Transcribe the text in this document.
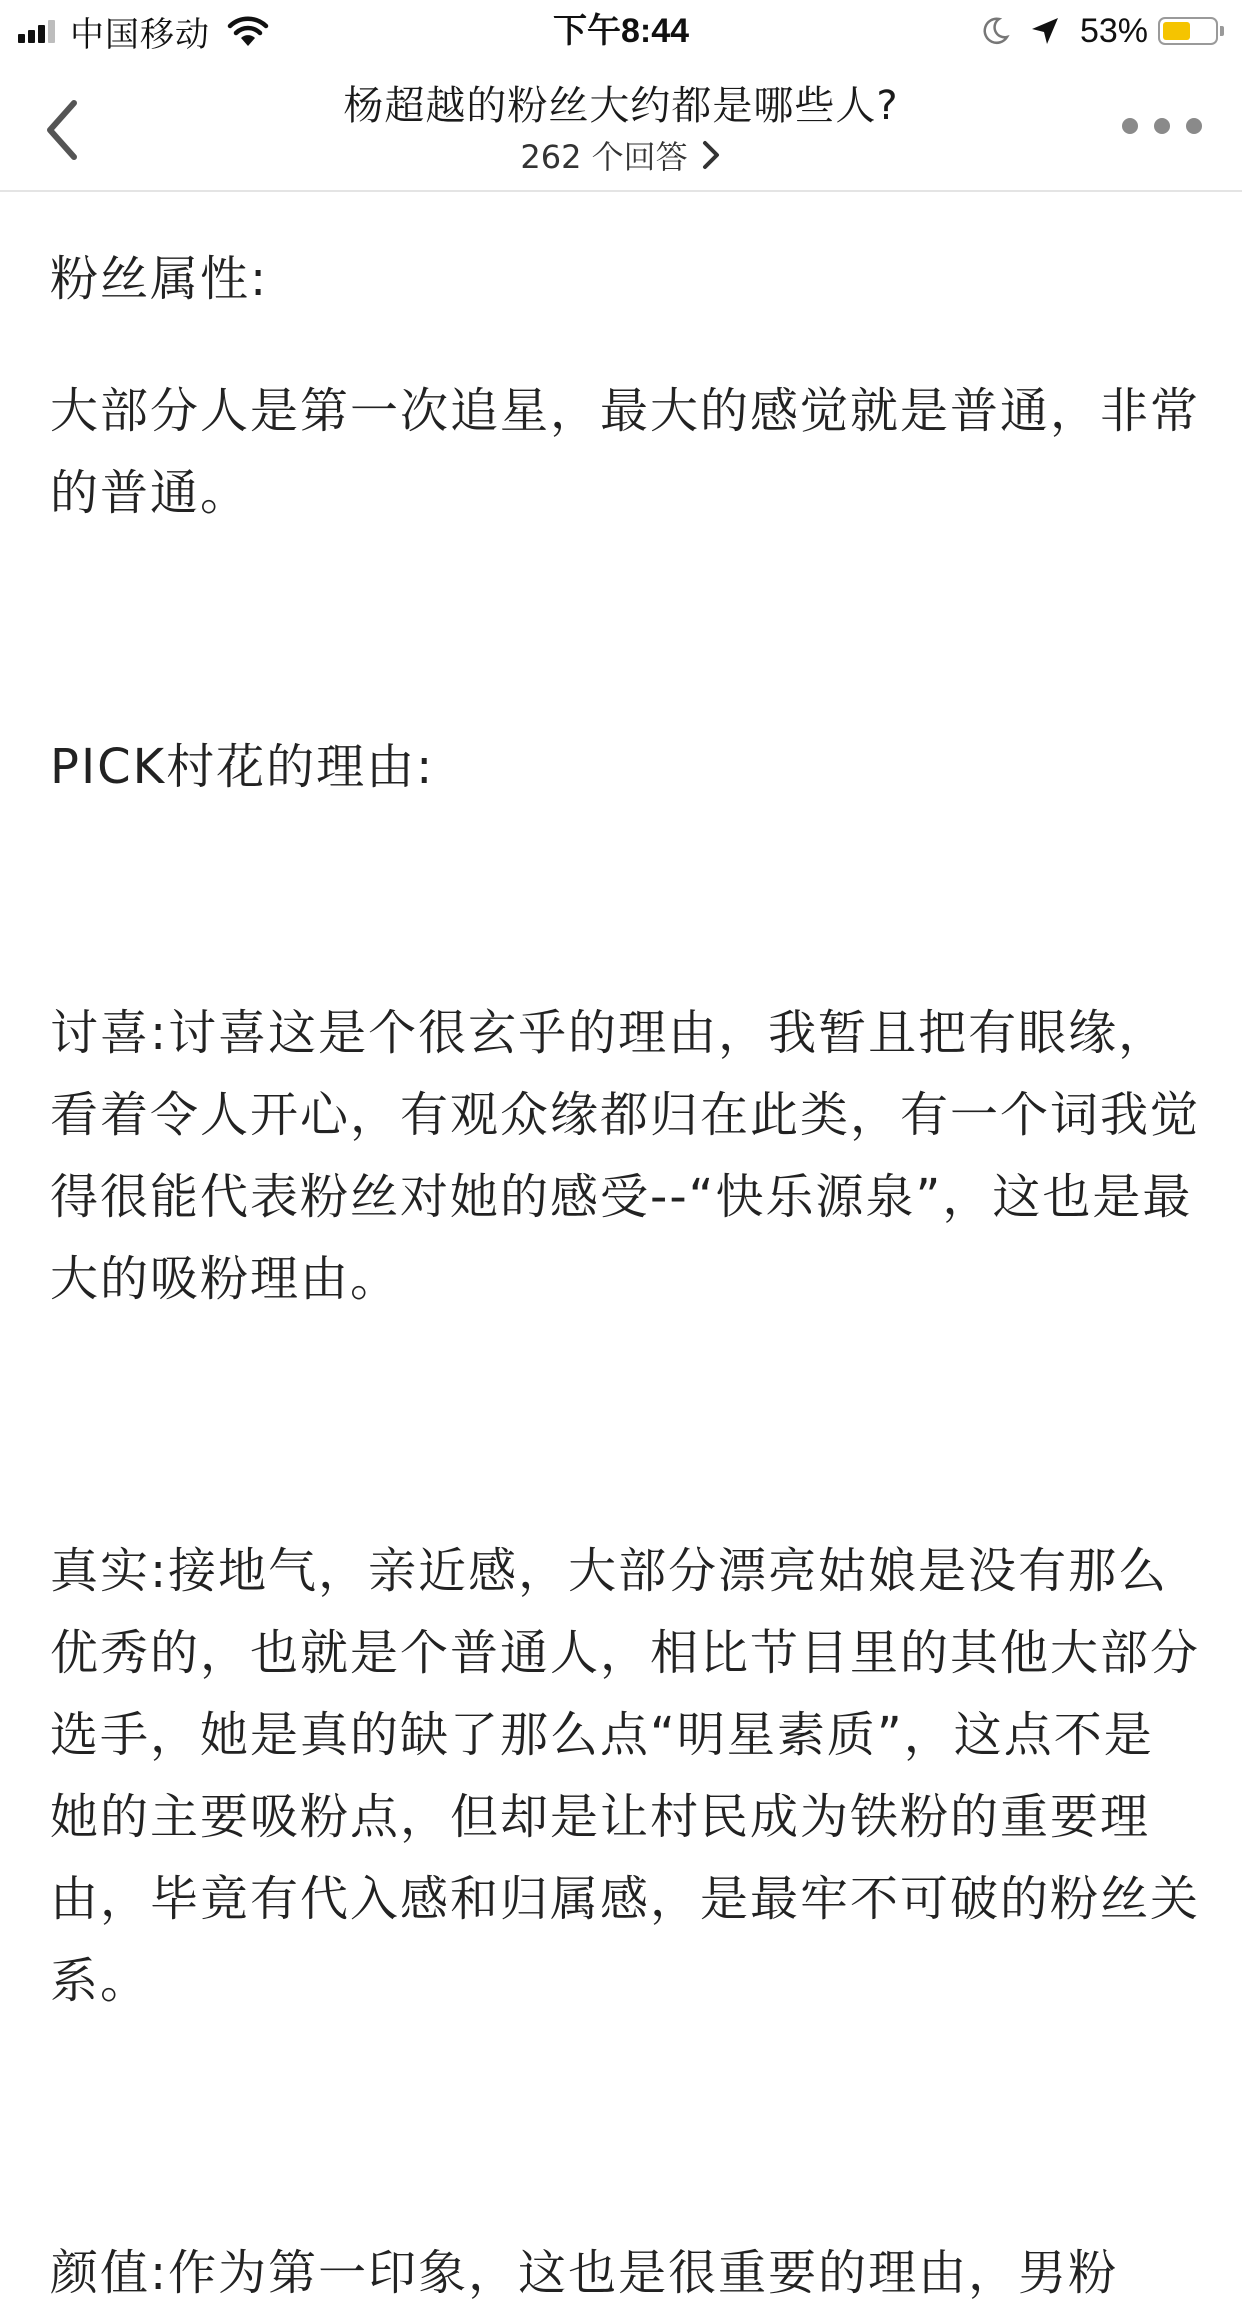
中国移动	下午8:44	53%
杨超越的粉丝大约都是哪些人?
262 个回答

粉丝属性:

大部分人是第一次追星，最大的感觉就是普通，非常的普通。

PICK村花的理由:

讨喜:讨喜这是个很玄乎的理由，我暂且把有眼缘，看着令人开心，有观众缘都归在此类，有一个词我觉得很能代表粉丝对她的感受--“快乐源泉”，这也是最大的吸粉理由。

真实:接地气，亲近感，大部分漂亮姑娘是没有那么优秀的，也就是个普通人，相比节目里的其他大部分选手，她是真的缺了那么点“明星素质”，这点不是她的主要吸粉点，但却是让村民成为铁粉的重要理由，毕竟有代入感和归属感，是最牢不可破的粉丝关系。

颜值:作为第一印象，这也是很重要的理由，男粉
